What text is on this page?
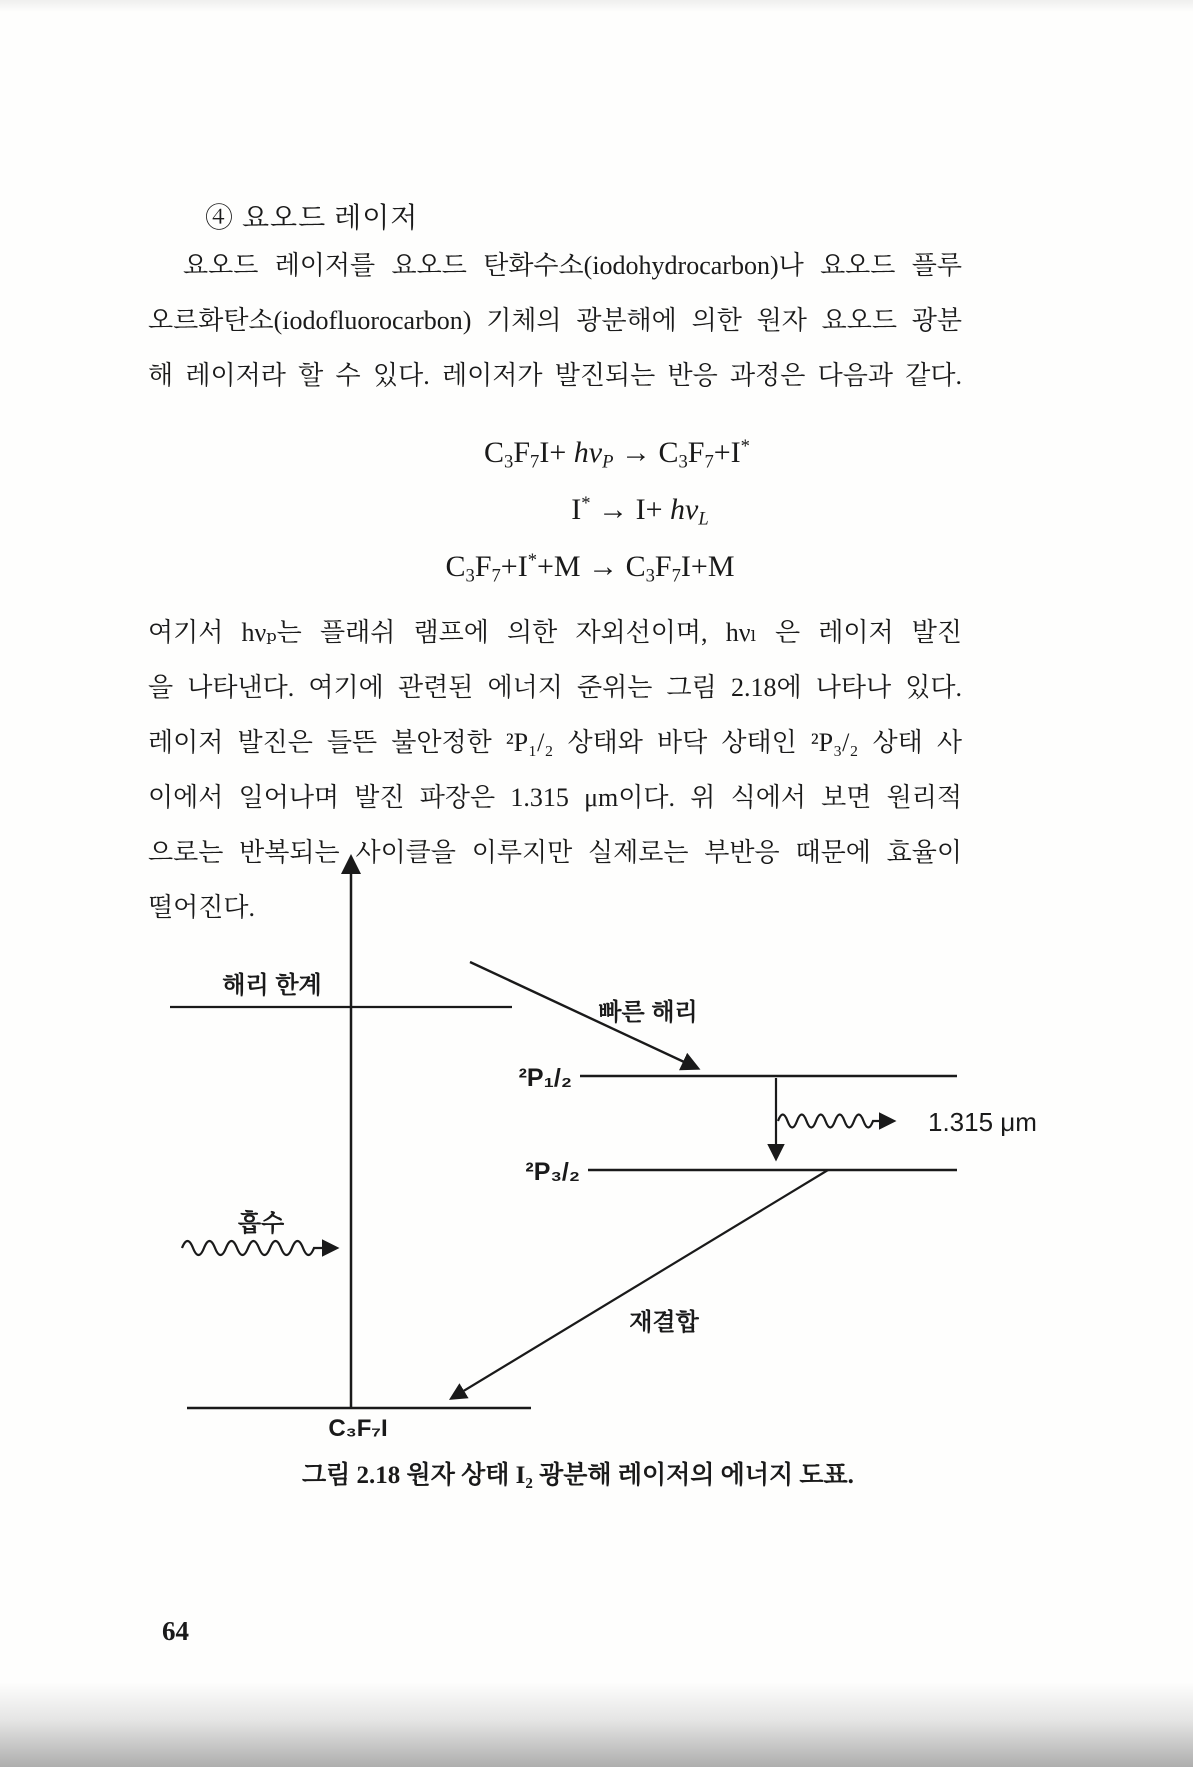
④ 요오드 레이저
요오드 레이저를 요오드 탄화수소(iodohydrocarbon)나 요오드 플루
오르화탄소(iodofluorocarbon) 기체의 광분해에 의한 원자 요오드 광분
해 레이저라 할 수 있다. 레이저가 발진되는 반응 과정은 다음과 같다.
$C_3F_7I+ h\nu_P \to C_3F_7+I^*$
$I^* \to I+ h\nu_L$
$C_3F_7+I^*+M \to C_3F_7I+M$
여기서 hνₚ는 플래쉬 램프에 의한 자외선이며, hνₗ 은 레이저 발진
을 나타낸다. 여기에 관련된 에너지 준위는 그림 2.18에 나타나 있다.
레이저 발진은 들뜬 불안정한 ²P₁/₂ 상태와 바닥 상태인 ²P₃/₂ 상태 사
이에서 일어나며 발진 파장은 1.315 μm이다. 위 식에서 보면 원리적
으로는 반복되는 사이클을 이루지만 실제로는 부반응 때문에 효율이
떨어진다.
해리 한계
빠른 해리
²P₁/₂
1.315 μm
²P₃/₂
재결합
흡수
C₃F₇I
그림 2.18 원자 상태 I₂ 광분해 레이저의 에너지 도표.
64
